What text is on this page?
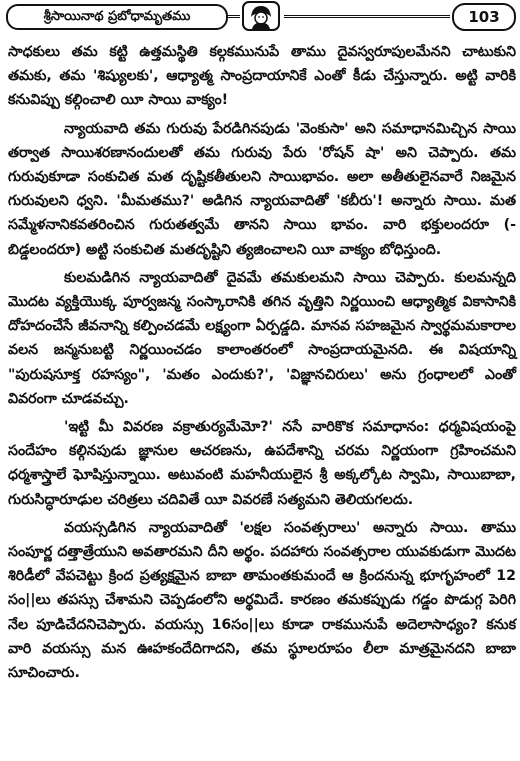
శ్రీసాయినాథ ప్రబోధామృతము	103

సాధకులు తమ కట్టి ఉత్తమస్థితి కల్గకమునుపే తాము దైవస్వరూపులమేనని చాటుకుని తమకు, తమ 'శిష్యులకు', ఆధ్యాత్మ సాంప్రదాయానికే ఎంతో కీడు చేస్తున్నారు. అట్టి వారికి కనువిప్పు కల్గించాలి యీ సాయి వాక్యం!

న్యాయవాది తమ గురువు పేరడిగినపుడు 'వెంకుసా' అని సమాధానమిచ్చిన సాయి తర్వాత సాయిశరణానందులతో తమ గురువు పేరు 'రోషన్ షా' అని చెప్పారు. తమ గురువుకూడా సంకుచిత మత దృష్టికతీతులని సాయిభావం. అలా అతీతులైనవారే నిజమైన గురువులని ధ్వని. 'మీమతము?' అడిగిన న్యాయవాదితో 'కబీరు'! అన్నారు సాయి. మత సమ్మేళనానికవతరించిన గురుతత్వమే తానని సాయి భావం. వారి భక్తులందరూ (-బిడ్డలందరూ) అట్టి సంకుచిత మతదృష్టిని త్యజించాలని యీ వాక్యం బోధిస్తుంది.

కులమడిగిన న్యాయవాదితో దైవమే తమకులమని సాయి చెప్పారు. కులమన్నది మొదట వ్యక్తియొక్క పూర్వజన్మ సంస్కారానికి తగిన వృత్తిని నిర్ణయించి ఆధ్యాత్మిక వికాసానికి దోహదంచేసే జీవనాన్ని కల్పించడమే లక్ష్యంగా ఏర్పడ్డది. మానవ సహజమైన స్వార్థమమకారాల వలన జన్మనుబట్టి నిర్ణయించడం కాలాంతరంలో సాంప్రదాయమైనది. ఈ విషయాన్ని "పురుషసూక్త రహస్యం", 'మతం ఎందుకు?', 'విజ్ఞానచిరులు' అను గ్రంధాలలో ఎంతో వివరంగా చూడవచ్చు.

'ఇట్టి మీ వివరణ వక్రాతుర్యమేమో?' నసే వారికొక సమాధానం: ధర్మవిషయంపై సందేహం కల్గినపుడు జ్ఞానుల ఆచరణను, ఉపదేశాన్ని చరమ నిర్ణయంగా గ్రహించమని ధర్మశాస్త్రాలే ఘోషిస్తున్నాయి. అటువంటి మహనీయులైన శ్రీ అక్కల్కోట స్వామి, సాయిబాబా, గురుసిద్ధారూఢుల చరిత్రలు చదివితే యీ వివరణే సత్యమని తెలియగలదు.

వయస్సడిగిన న్యాయవాదితో 'లక్షల సంవత్సరాలు' అన్నారు సాయి. తాము సంపూర్ణ దత్తాత్రేయుని అవతారమని దీని అర్థం. పదహారు సంవత్సరాల యువకుడుగా మొదట శిరిడీలో వేపచెట్టు క్రింద ప్రత్యక్షమైన బాబా తామంతకుమందే ఆ క్రిందనున్న భూగృహంలో 12 సం||లు తపస్సు చేశామని చెప్పడంలోని అర్థమిదే. కారణం తమకప్పుడు గడ్డం పొడుగ్గ పెరిగి నేల పూడిచేదనిచెప్పారు. వయస్సు 16సం||లు కూడా రాకమునుపే అదెలాసాధ్యం? కనుక వారి వయస్సు మన ఊహకందేదిగాదని, తమ స్థూలరూపం లీలా మాత్రమైనదని బాబా సూచించారు.
